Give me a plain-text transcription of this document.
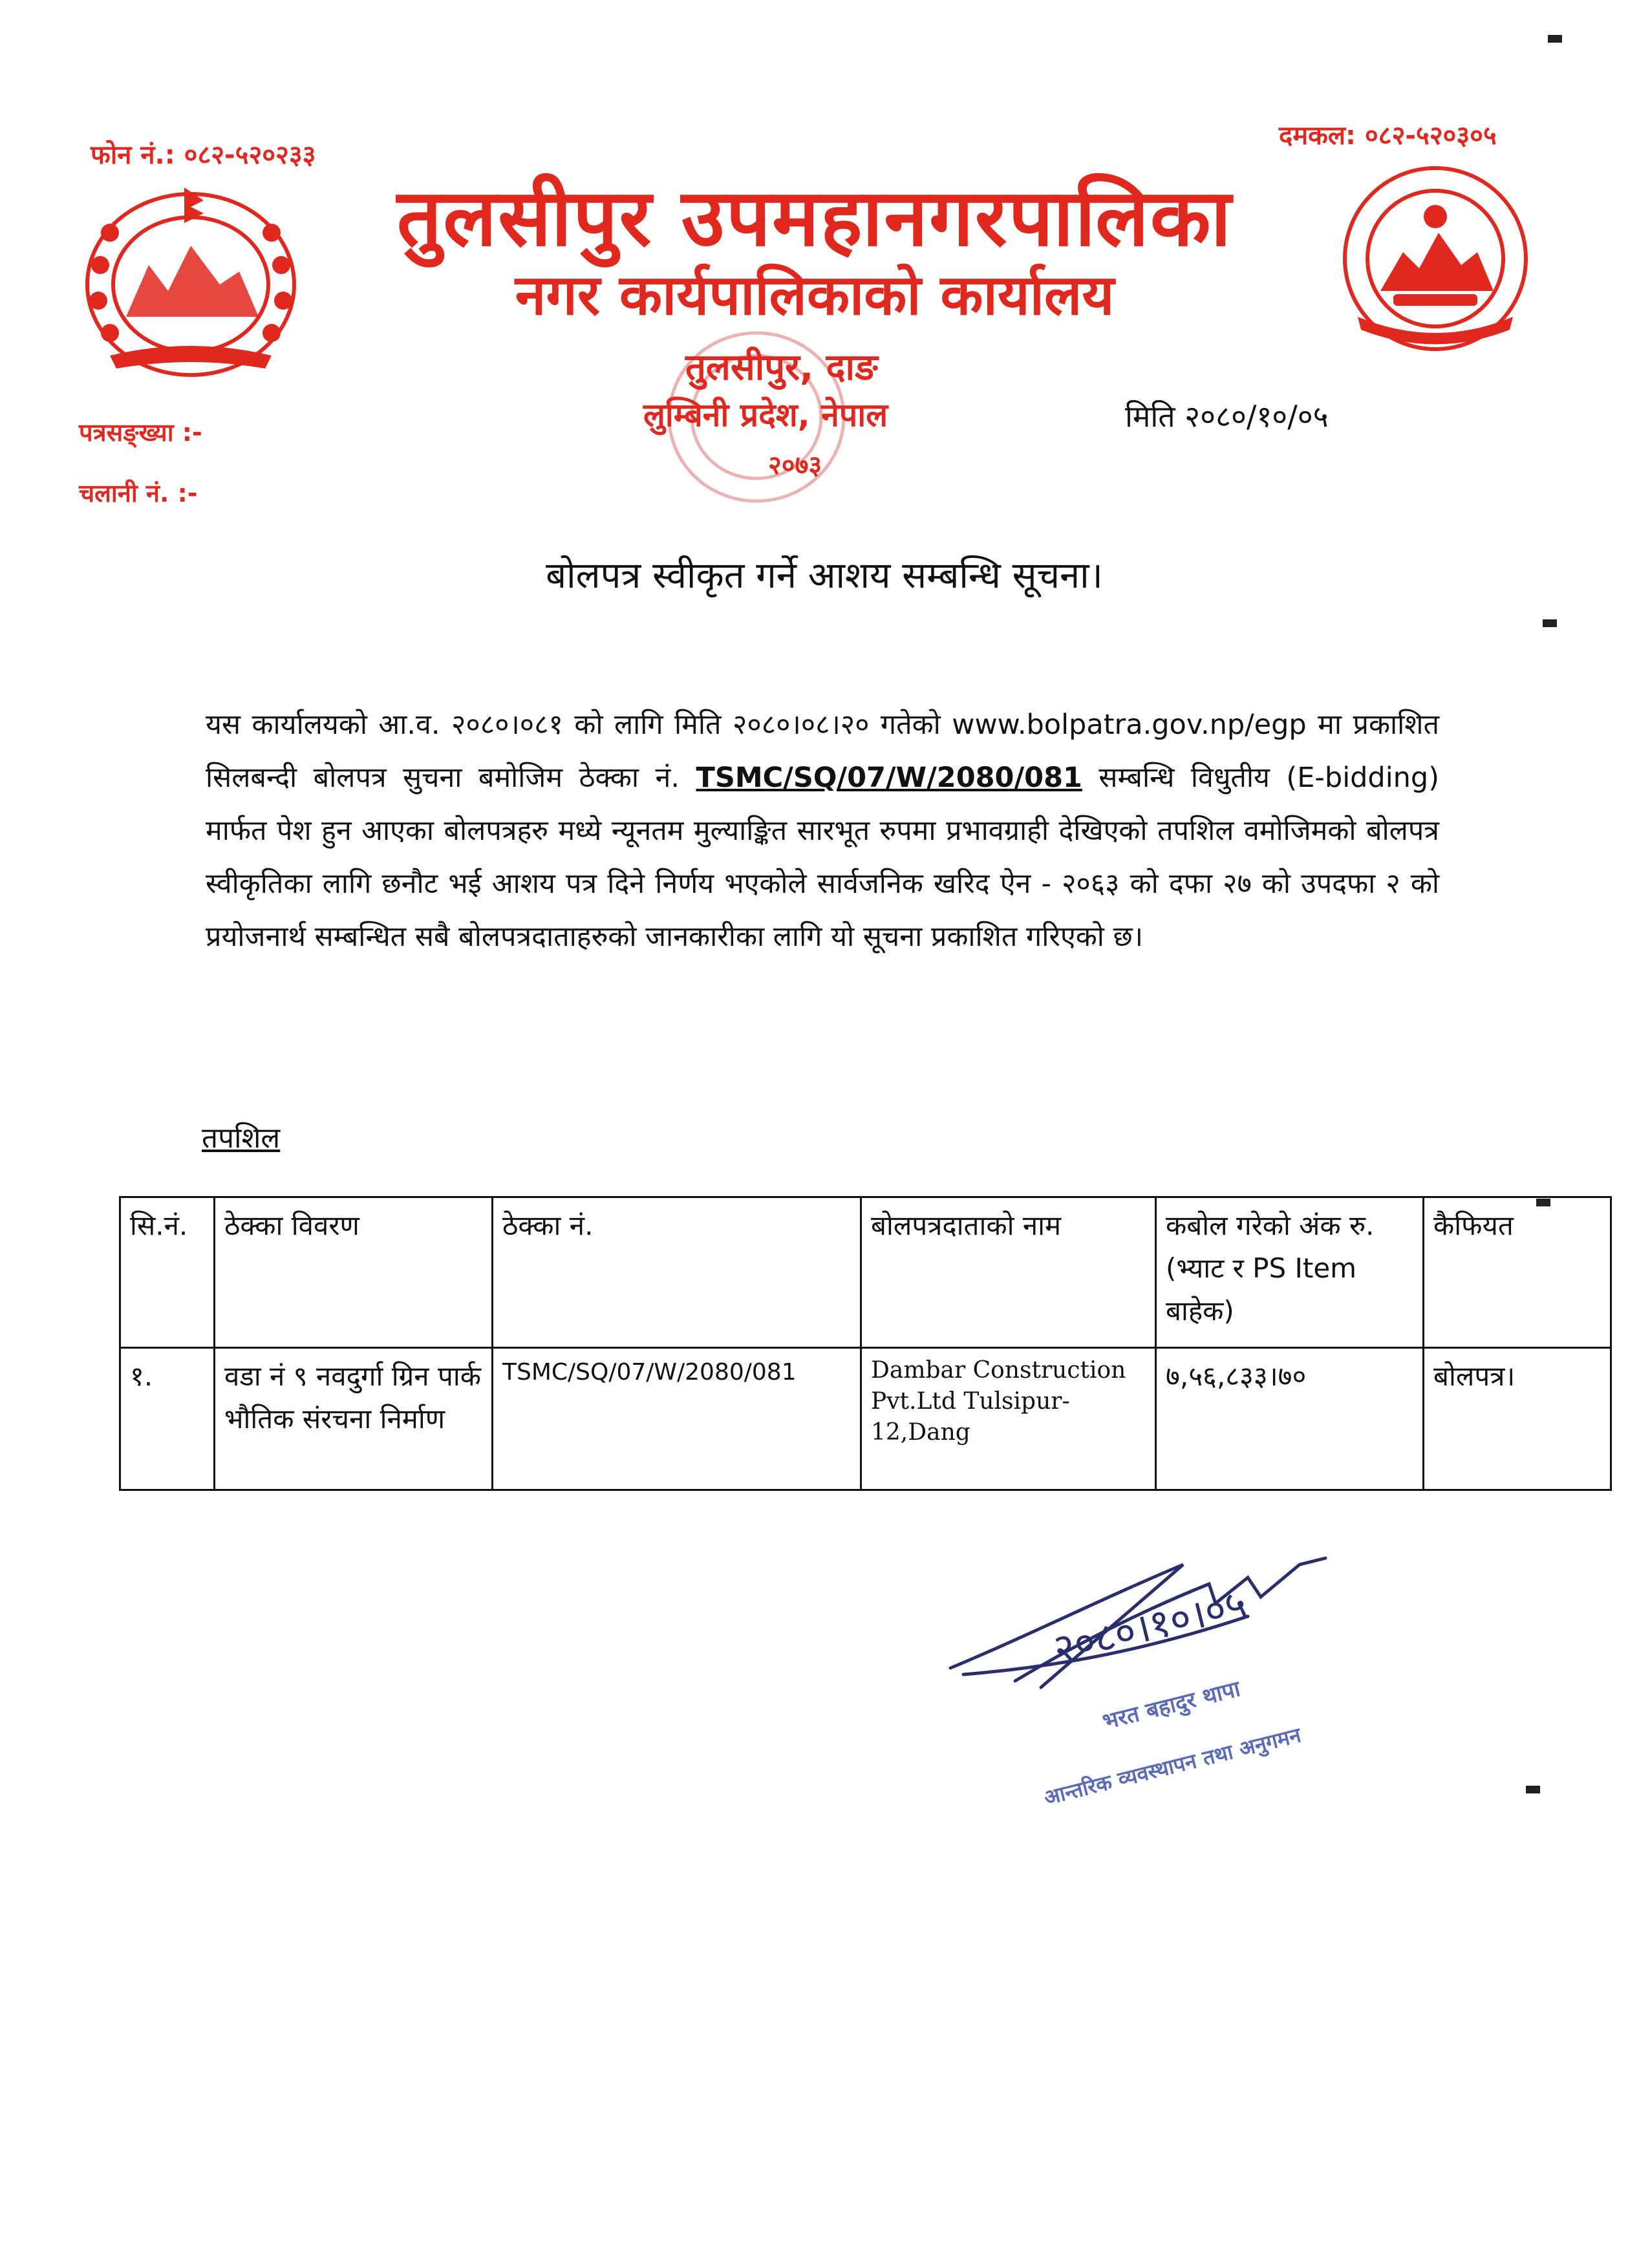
फोन नं.: ०८२-५२०२३३
दमकल: ०८२-५२०३०५
तुलसीपुर उपमहानगरपालिका
नगर कार्यपालिकाको कार्यालय
तुलसीपुर, दाङ
लुम्बिनी प्रदेश, नेपाल
२०७३
पत्रसङ्ख्या :-
चलानी नं. :-
मिति २०८०/१०/०५
बोलपत्र स्वीकृत गर्ने आशय सम्बन्धि सूचना।

यस कार्यालयको आ.व. २०८०।०८१ को लागि मिति २०८०।०८।२० गतेको www.bolpatra.gov.np/egp मा प्रकाशित सिलबन्दी बोलपत्र सुचना बमोजिम ठेक्का नं. TSMC/SQ/07/W/2080/081 सम्बन्धि विधुतीय (E-bidding) मार्फत पेश हुन आएका बोलपत्रहरु मध्ये न्यूनतम मुल्याङ्कित सारभूत रुपमा प्रभावग्राही देखिएको तपशिल वमोजिमको बोलपत्र स्वीकृतिका लागि छनौट भई आशय पत्र दिने निर्णय भएकोले सार्वजनिक खरिद ऐन - २०६३ को दफा २७ को उपदफा २ को प्रयोजनार्थ सम्बन्धित सबै बोलपत्रदाताहरुको जानकारीका लागि यो सूचना प्रकाशित गरिएको छ।

तपशिल
सि.नं.	ठेक्का विवरण	ठेक्का नं.	बोलपत्रदाताको नाम	कबोल गरेको अंक रु.(भ्याट र PS Item बाहेक)	कैफियत
१.	वडा नं ९ नवदुर्गा ग्रिन पार्क भौतिक संरचना निर्माण	TSMC/SQ/07/W/2080/081	Dambar Construction Pvt.Ltd Tulsipur-12,Dang	७,५६,८३३।७०	बोलपत्र।
२०८०।१०।०५
भरत बहादुर थापा
आन्तरिक व्यवस्थापन तथा अनुगमन
